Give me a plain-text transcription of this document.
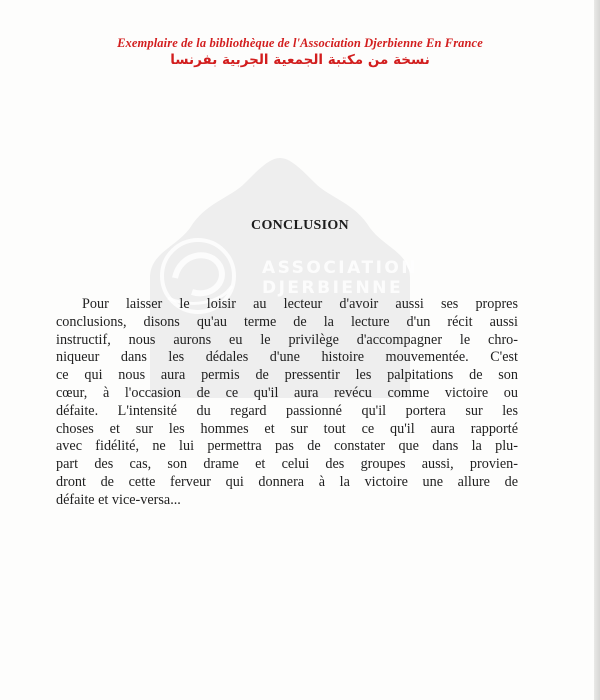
Exemplaire de la bibliothèque de l'Association Djerbienne En France
نسخة من مكتبة الجمعية الجربية بفرنسا
ASSOCIATION
DJERBIENNE
CONCLUSION
Pour laisser le loisir au lecteur d'avoir aussi ses propres
conclusions, disons qu'au terme de la lecture d'un récit aussi
instructif, nous aurons eu le privilège d'accompagner le chro-
niqueur dans les dédales d'une histoire mouvementée. C'est
ce qui nous aura permis de pressentir les palpitations de son
cœur, à l'occasion de ce qu'il aura revécu comme victoire ou
défaite. L'intensité du regard passionné qu'il portera sur les
choses et sur les hommes et sur tout ce qu'il aura rapporté
avec fidélité, ne lui permettra pas de constater que dans la plu-
part des cas, son drame et celui des groupes aussi, provien-
dront de cette ferveur qui donnera à la victoire une allure de
défaite et vice-versa...
